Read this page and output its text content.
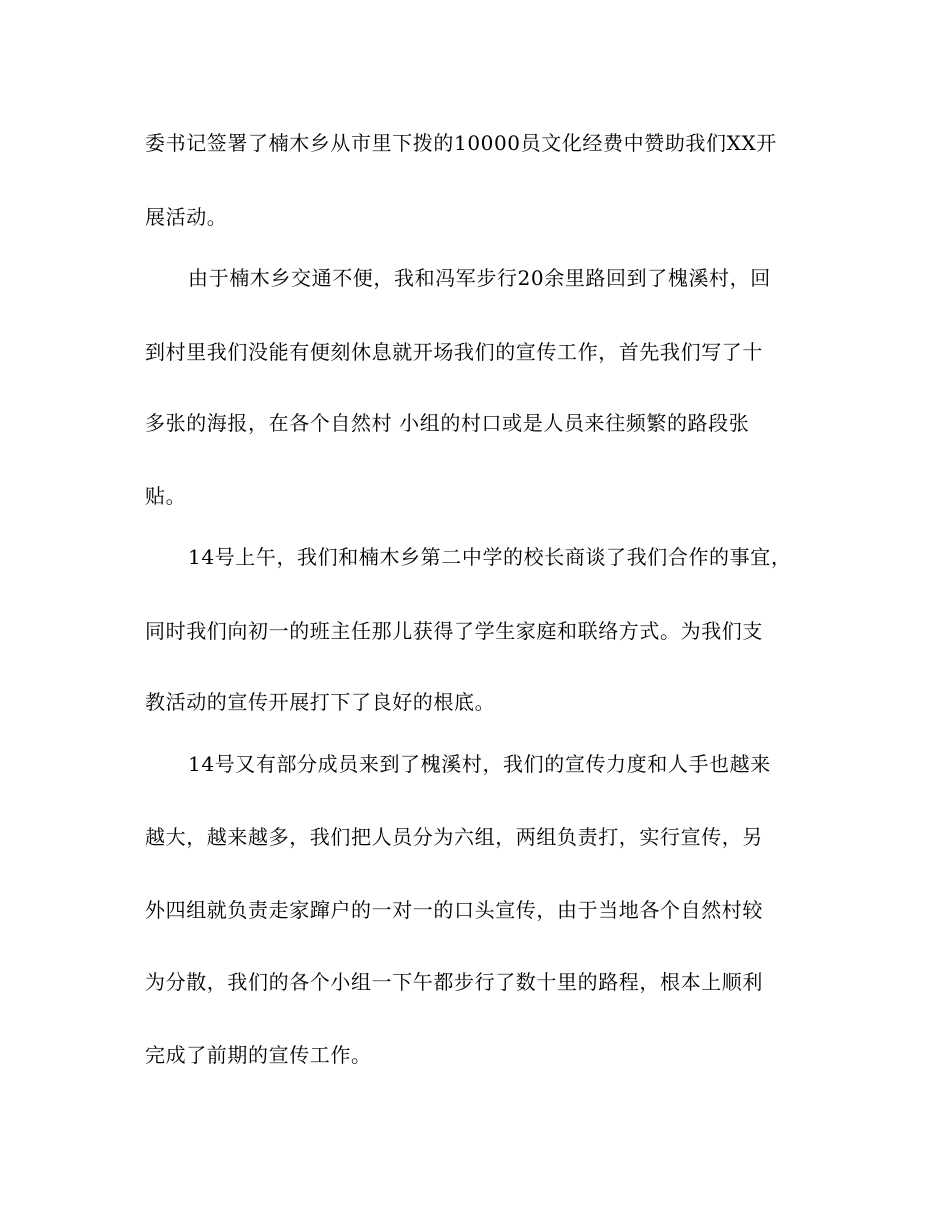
委书记签署了楠木乡从市里下拨的10000员文化经费中赞助我们XX开

展活动。

由于楠木乡交通不便，我和冯军步行20余里路回到了槐溪村，回

到村里我们没能有便刻休息就开场我们的宣传工作，首先我们写了十

多张的海报，在各个自然村 小组的村口或是人员来往频繁的路段张

贴。

14号上午，我们和楠木乡第二中学的校长商谈了我们合作的事宜，

同时我们向初一的班主任那儿获得了学生家庭和联络方式。为我们支

教活动的宣传开展打下了良好的根底。

14号又有部分成员来到了槐溪村，我们的宣传力度和人手也越来

越大，越来越多，我们把人员分为六组，两组负责打，实行宣传，另

外四组就负责走家蹿户的一对一的口头宣传，由于当地各个自然村较

为分散，我们的各个小组一下午都步行了数十里的路程，根本上顺利

完成了前期的宣传工作。
